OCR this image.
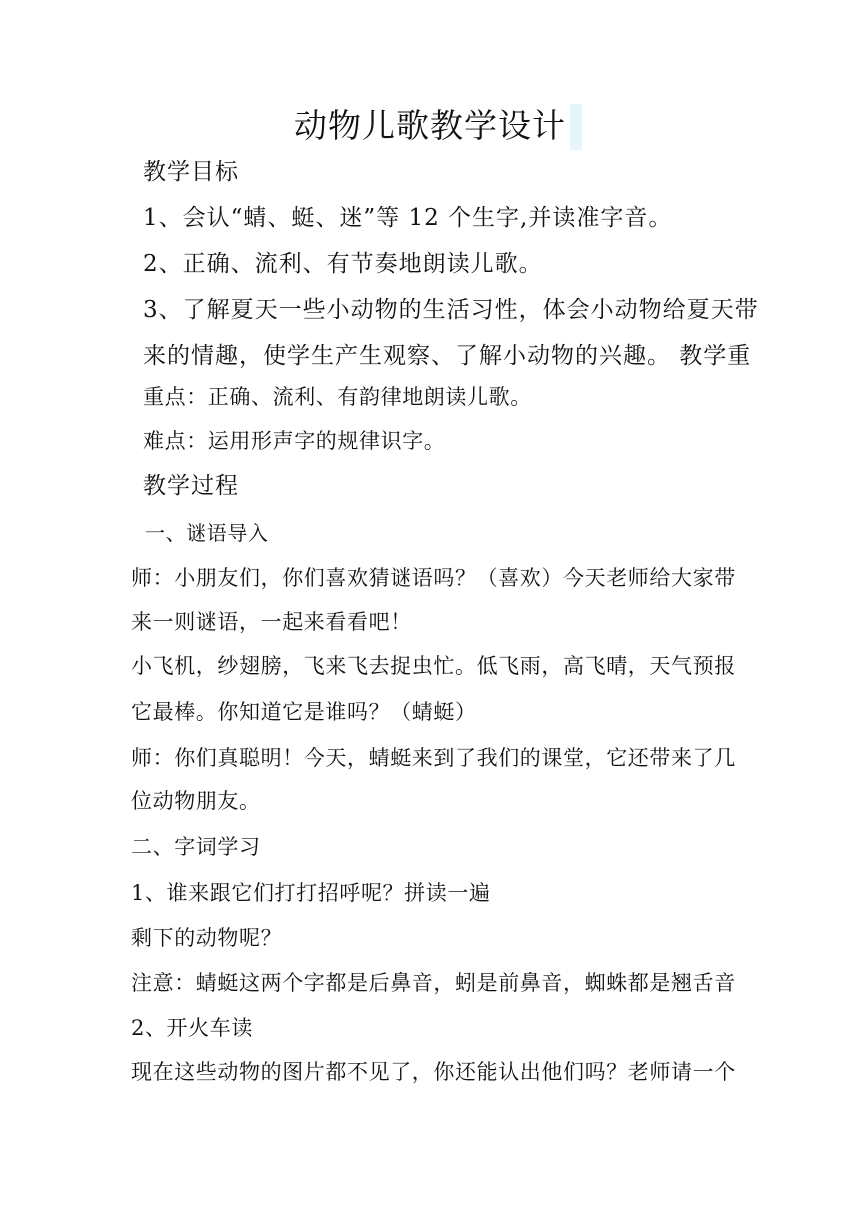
动物儿歌教学设计
教学目标
1、会认“蜻、蜓、迷”等 12 个生字,并读准字音。
2、正确、流利、有节奏地朗读儿歌。
3、了解夏天一些小动物的生活习性，体会小动物给夏天带
来的情趣，使学生产生观察、了解小动物的兴趣。 教学重
重点：正确、流利、有韵律地朗读儿歌。
难点：运用形声字的规律识字。
教学过程
一、谜语导入
师：小朋友们，你们喜欢猜谜语吗？（喜欢）今天老师给大家带
来一则谜语，一起来看看吧！
小飞机，纱翅膀，飞来飞去捉虫忙。低飞雨，高飞晴，天气预报
它最棒。你知道它是谁吗？（蜻蜓）
师：你们真聪明！今天，蜻蜓来到了我们的课堂，它还带来了几
位动物朋友。
二、字词学习
1、谁来跟它们打打招呼呢？拼读一遍
剩下的动物呢？
注意：蜻蜓这两个字都是后鼻音，蚓是前鼻音，蜘蛛都是翘舌音
2、开火车读
现在这些动物的图片都不见了，你还能认出他们吗？老师请一个
